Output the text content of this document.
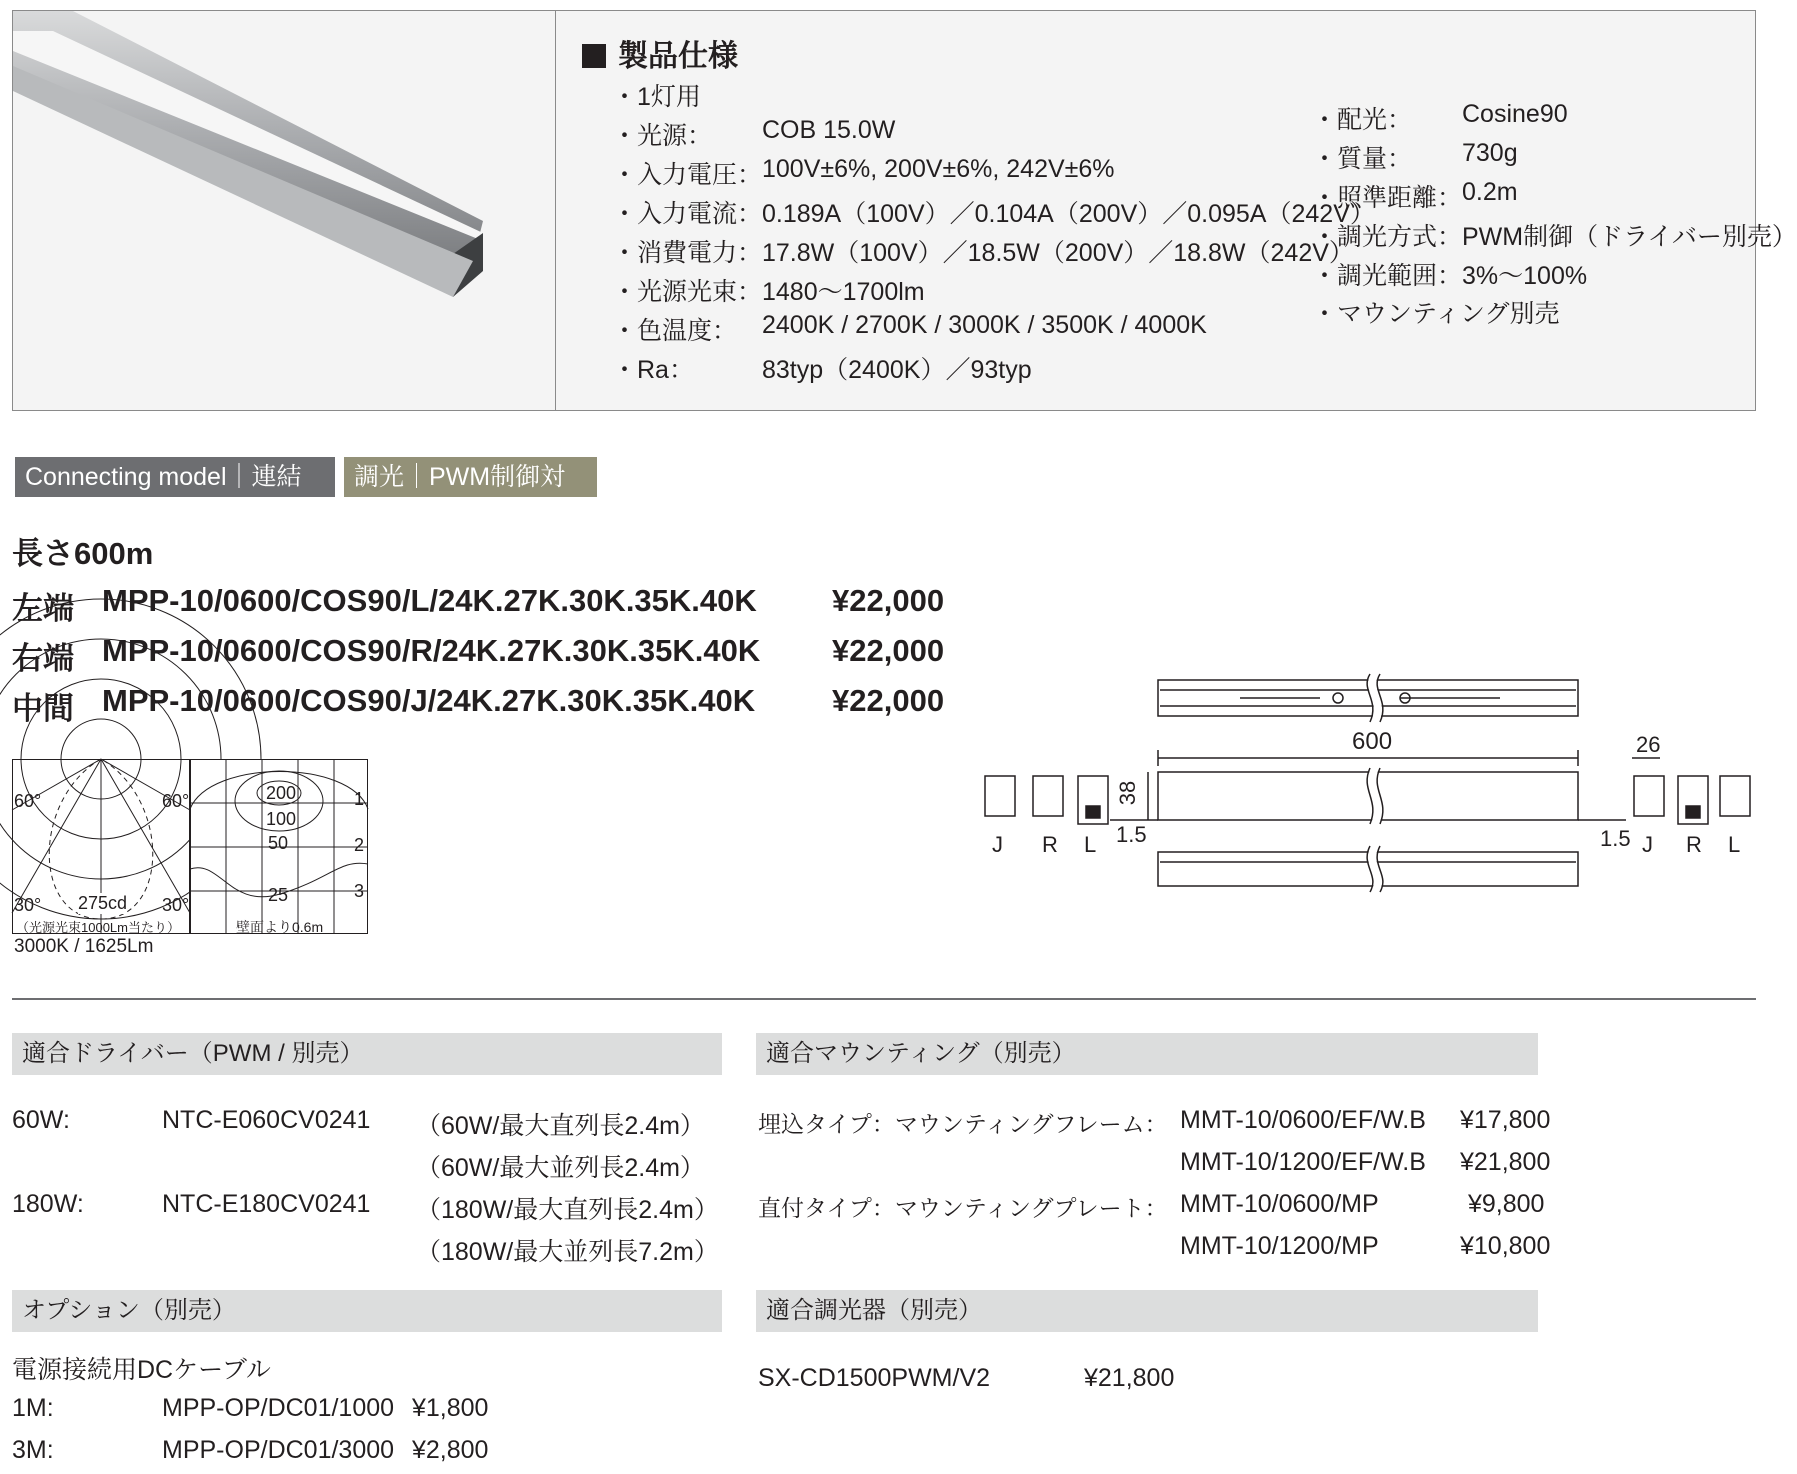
製品仕様
・1灯用
・光源： COB 15.0W
・入力電圧： 100V±6%, 200V±6%, 242V±6%
・入力電流： 0.189A（100V）／0.104A（200V）／0.095A（242V）
・消費電力： 17.8W（100V）／18.5W（200V）／18.8W（242V）
・光源光束： 1480〜1700lm
・色温度： 2400K / 2700K / 3000K / 3500K / 4000K
・Ra：	83typ（2400K）／93typ
・配光： Cosine90
・質量： 730g
・照準距離： 0.2m
・調光方式： PWM制御（ドライバー別売）
・調光範囲： 3%〜100%
・マウンティング別売
Connecting model｜連結用
調光｜PWM制御対応
長さ600m
左端 MPP-10/0600/COS90/L/24K.27K.30K.35K.40K ¥22,000
右端 MPP-10/0600/COS90/R/24K.27K.30K.35K.40K ¥22,000
中間 MPP-10/0600/COS90/J/24K.27K.30K.35K.40K ¥22,000
60°	60°
30°	30°
275cd
（光源光束1000Lm当たり）
200
100
50
25
1
2
3
壁面より0.6m
3000K / 1625Lm
600
38
26
1.5	1.5
J R L	J R L
適合ドライバー（PWM / 別売）
60W:	NTC-E060CV0241 （60W/最大直列長2.4m）
（60W/最大並列長2.4m）
180W:	NTC-E180CV0241 （180W/最大直列長2.4m）
（180W/最大並列長7.2m）
適合マウンティング（別売）
埋込タイプ：マウンティングフレーム： MMT-10/0600/EF/W.B ¥17,800
MMT-10/1200/EF/W.B ¥21,800
直付タイプ：マウンティングプレート： MMT-10/0600/MP	¥9,800
MMT-10/1200/MP	¥10,800
オプション（別売）
電源接続用DCケーブル
1M:	MPP-OP/DC01/1000 ¥1,800
3M:	MPP-OP/DC01/3000 ¥2,800
適合調光器（別売）
SX-CD1500PWM/V2	¥21,800
